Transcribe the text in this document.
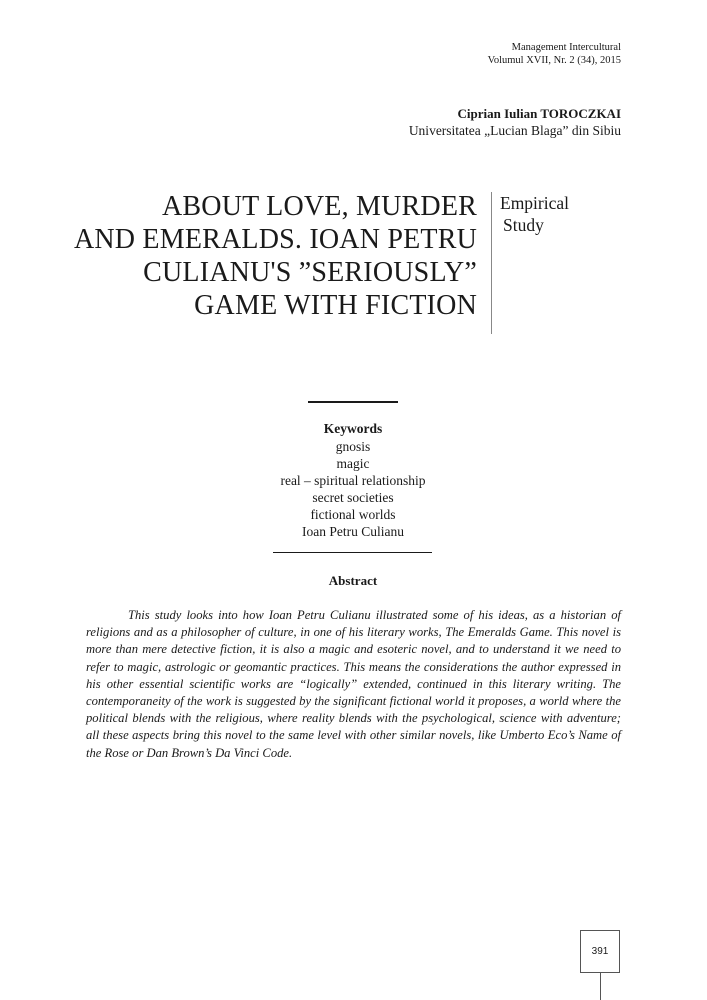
Management Intercultural
Volumul XVII, Nr. 2 (34), 2015
Ciprian Iulian TOROCZKAI
Universitatea „Lucian Blaga” din Sibiu
ABOUT LOVE, MURDER
AND EMERALDS. IOAN PETRU
CULIANU'S ”SERIOUSLY”
GAME WITH FICTION
Empirical
Study
Keywords
gnosis
magic
real – spiritual relationship
secret societies
fictional worlds
Ioan Petru Culianu
Abstract

This study looks into how Ioan Petru Culianu illustrated some of his ideas, as a historian of religions and as a philosopher of culture, in one of his literary works, The Emeralds Game. This novel is more than mere detective fiction, it is also a magic and esoteric novel, and to understand it we need to refer to magic, astrologic or geomantic practices. This means the considerations the author expressed in his other essential scientific works are “logically” extended, continued in this literary writing. The contemporaneity of the work is suggested by the significant fictional world it proposes, a world where the political blends with the religious, where reality blends with the psychological, science with adventure; all these aspects bring this novel to the same level with other similar novels, like Umberto Eco’s Name of the Rose or Dan Brown’s Da Vinci Code.

391
